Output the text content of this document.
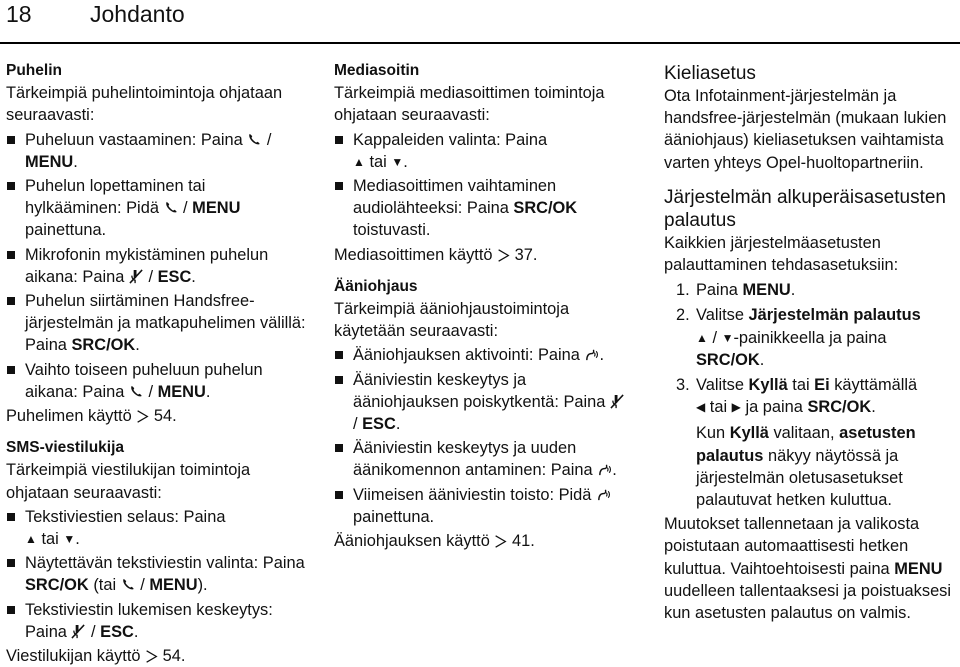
18	Johdanto
Puhelin

Tärkeimpiä puhelintoimintoja ohjataan seuraavasti:

Puheluun vastaaminen: Paina  / MENU.
Puhelun lopettaminen tai hylkääminen: Pidä  / MENU painettuna.
Mikrofonin mykistäminen puhelun aikana: Paina  / ESC.
Puhelun siirtäminen Handsfree-järjestelmän ja matkapuhelimen välillä: Paina SRC/OK.
Vaihto toiseen puheluun puhelun aikana: Paina  / MENU.

Puhelimen käyttö 54.

SMS-viestilukija

Tärkeimpiä viestilukijan toimintoja ohjataan seuraavasti:

Tekstiviestien selaus: Paina
▲ tai ▼.
Näytettävän tekstiviestin valinta: Paina SRC/OK (tai  / MENU).
Tekstiviestin lukemisen keskeytys: Paina  / ESC.

Viestilukijan käyttö 54.

Mediasoitin

Tärkeimpiä mediasoittimen toimintoja ohjataan seuraavasti:

Kappaleiden valinta: Paina
▲ tai ▼.
Mediasoittimen vaihtaminen audiolähteeksi: Paina SRC/OK toistuvasti.

Mediasoittimen käyttö 37.

Ääniohjaus

Tärkeimpiä ääniohjaustoimintoja käytetään seuraavasti:

Ääniohjauksen aktivointi: Paina .
Ääniviestin keskeytys ja ääniohjauksen poiskytkentä: Paina  / ESC.
Ääniviestin keskeytys ja uuden äänikomennon antaminen: Paina .
Viimeisen ääniviestin toisto: Pidä  painettuna.

Ääniohjauksen käyttö 41.

Kieliasetus

Ota Infotainment-järjestelmän ja handsfree-järjestelmän (mukaan lukien ääniohjaus) kieliasetuksen vaihtamista varten yhteys Opel-huoltopartneriin.

Järjestelmän alkuperäisasetusten palautus

Kaikkien järjestelmäasetusten palauttaminen tehdasasetuksiin:

1. Paina MENU.
2. Valitse Järjestelmän palautus
▲ / ▼-painikkeella ja paina SRC/OK.
3. Valitse Kyllä tai Ei käyttämällä
◀ tai ▶ ja paina SRC/OK.

Kun Kyllä valitaan, asetusten palautus näkyy näytössä ja järjestelmän oletusasetukset palautuvat hetken kuluttua.

Muutokset tallennetaan ja valikosta poistutaan automaattisesti hetken kuluttua. Vaihtoehtoisesti paina MENU uudelleen tallentaaksesi ja poistuaksesi kun asetusten palautus on valmis.
